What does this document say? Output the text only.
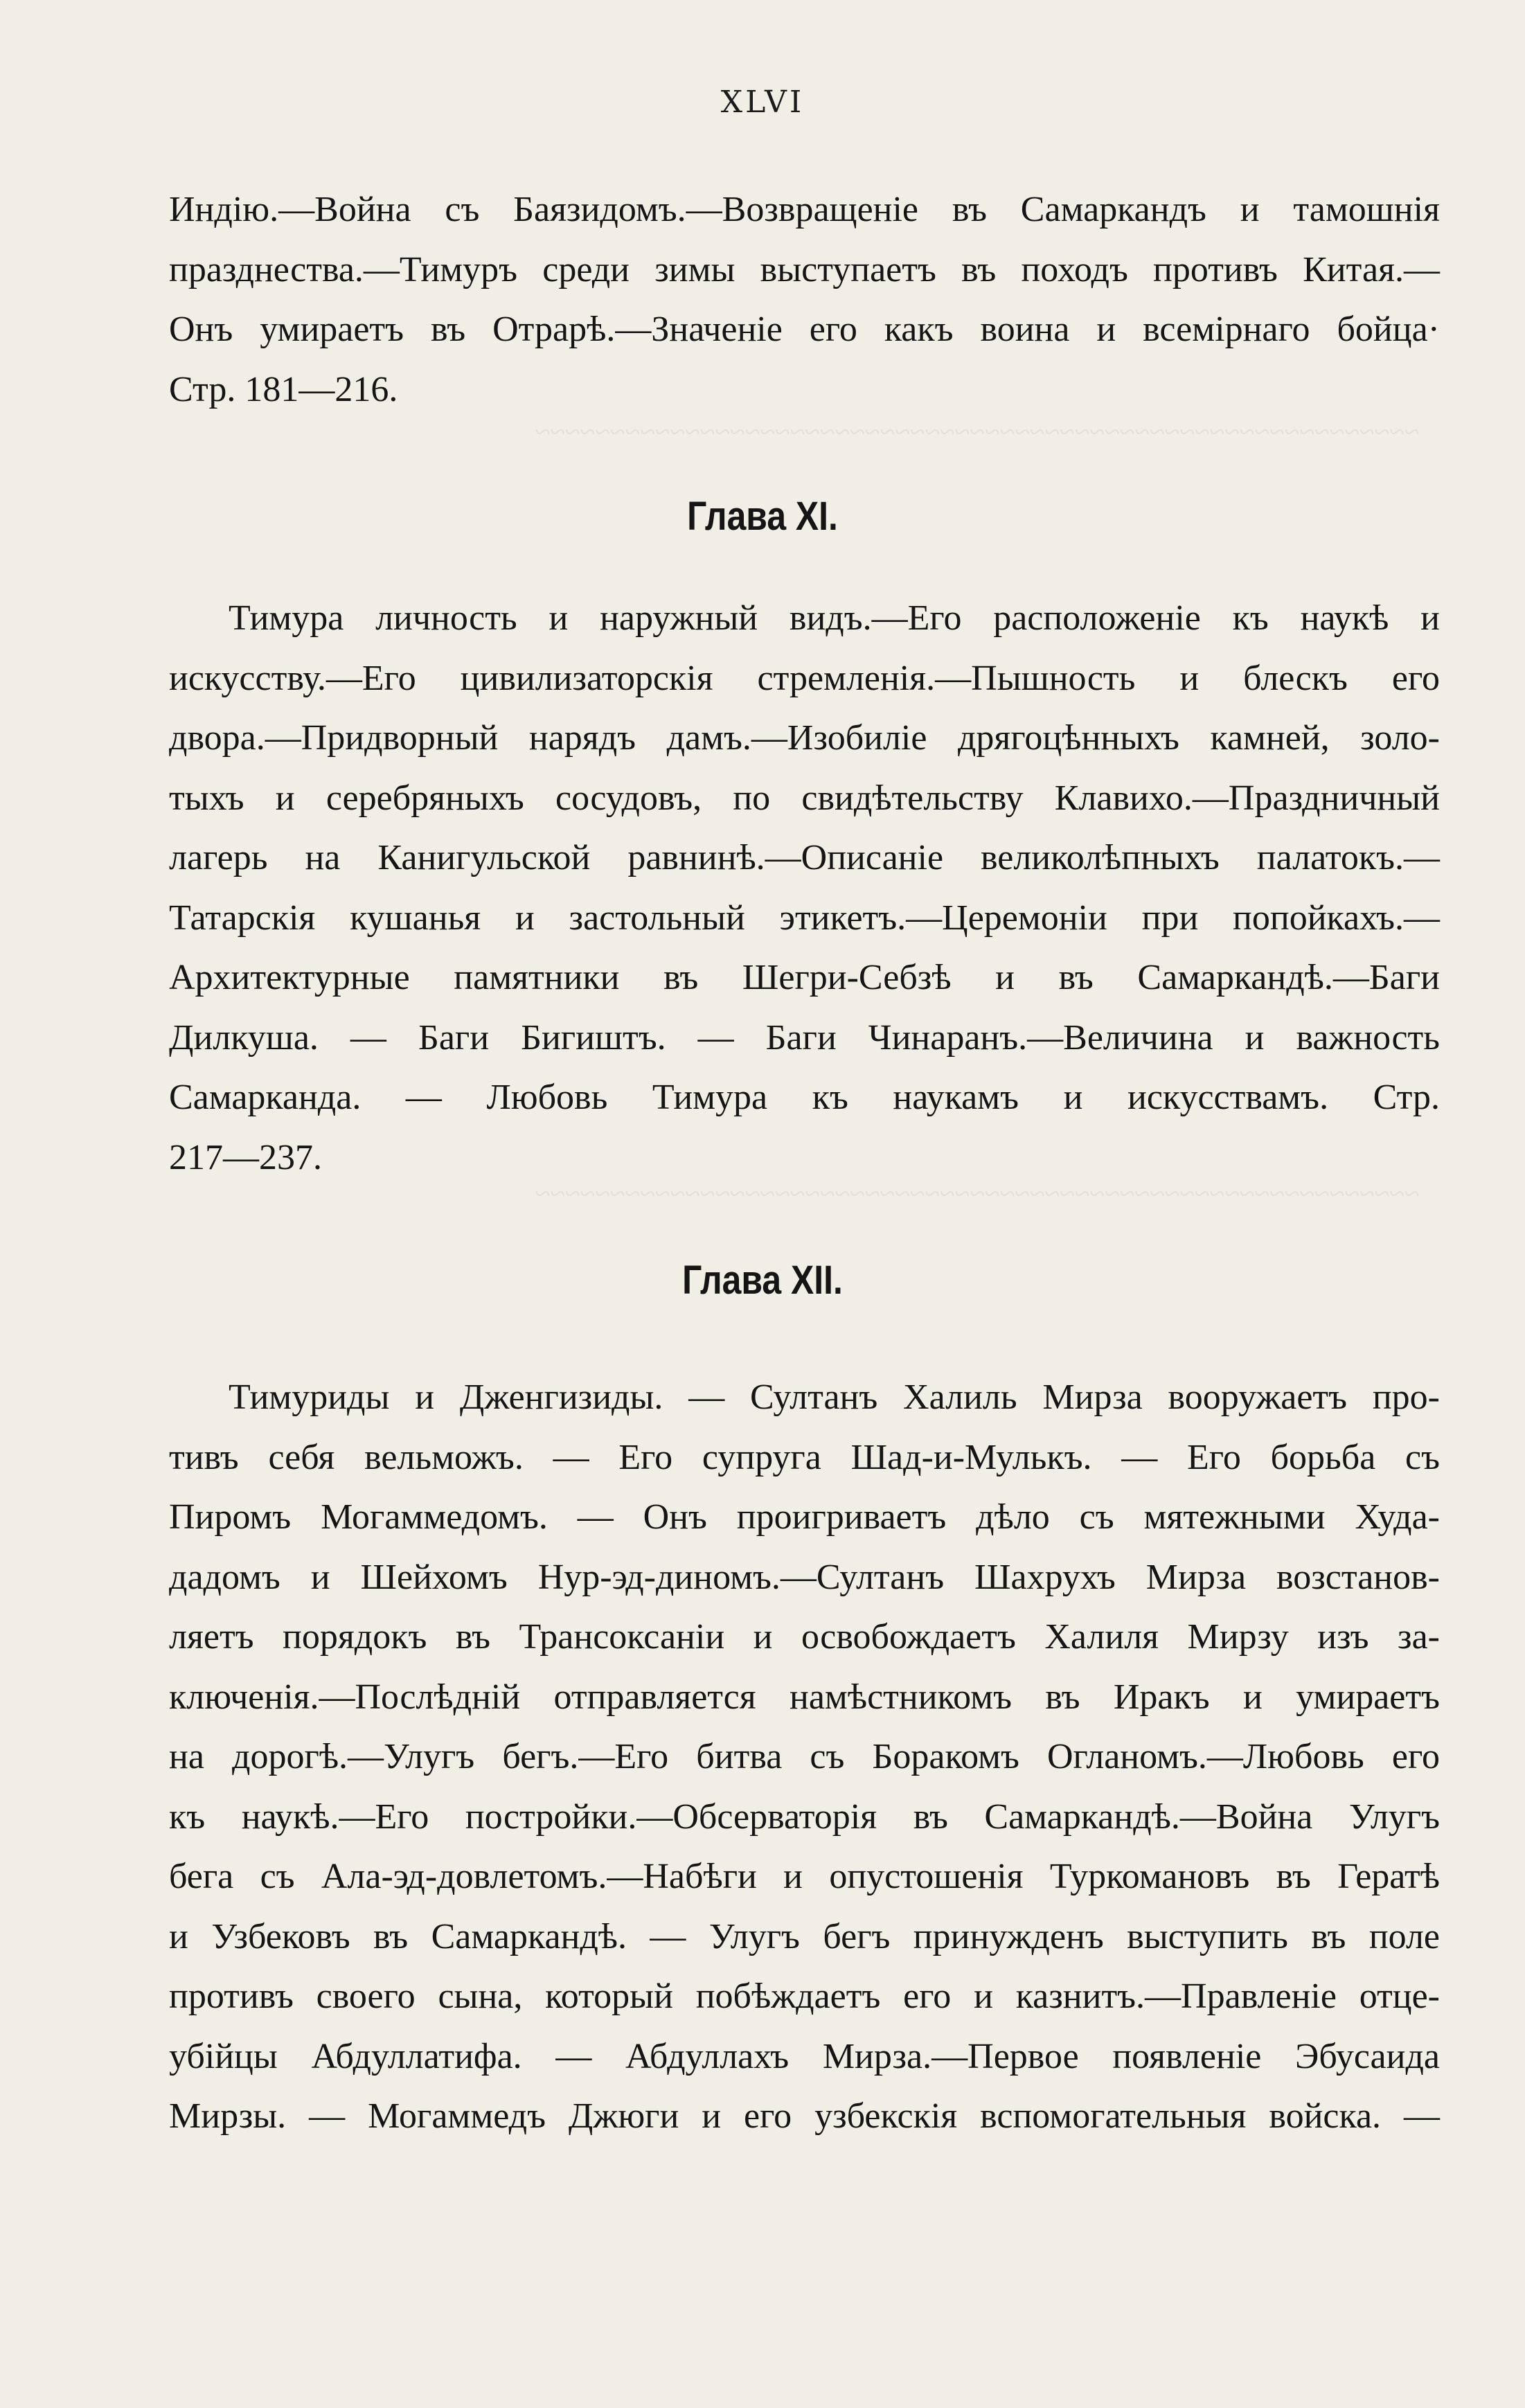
~~~~~~~~~~~~~~~~~~~~~~~~~~~~~~~~~~~~~~~~~~~~~~~~~~~~~~~~~~~
~~~~~~~~~~~~~~~~~~~~~~~~~~~~~~~~~~~~~~~~~~~~~~~~~~~~~~~~~~~
XLVI
Индію.—Война съ Баязидомъ.—Возвращеніе въ Самаркандъ и тамошнія
празднества.—Тимуръ среди зимы выступаетъ въ походъ противъ Китая.—
Онъ умираетъ въ Отрарѣ.—Значеніе его какъ воина и всемірнаго бойца·
Стр. 181—216.
Глава XI.
Тимура личность и наружный видъ.—Его расположеніе къ наукѣ и
искусству.—Его цивилизаторскія стремленія.—Пышность и блескъ его
двора.—Придворный нарядъ дамъ.—Изобиліе дрягоцѣнныхъ камней, золо-
тыхъ и серебряныхъ сосудовъ, по свидѣтельству Клавихо.—Праздничный
лагерь на Канигульской равнинѣ.—Описаніе великолѣпныхъ палатокъ.—
Татарскія кушанья и застольный этикетъ.—Церемоніи при попойкахъ.—
Архитектурные памятники въ Шегри-Себзѣ и въ Самаркандѣ.—Баги
Дилкуша. — Баги Бигиштъ. — Баги Чинаранъ.—Величина и важность
Самарканда. — Любовь Тимура къ наукамъ и искусствамъ. Стр.
217—237.
Глава XII.
Тимуриды и Дженгизиды. — Султанъ Халиль Мирза вооружаетъ про-
тивъ себя вельможъ. — Его супруга Шад-и-Мулькъ. — Его борьба съ
Пиромъ Могаммедомъ. — Онъ проигриваетъ дѣло съ мятежными Худа-
дадомъ и Шейхомъ Нур-эд-диномъ.—Султанъ Шахрухъ Мирза возстанов-
ляетъ порядокъ въ Трансоксаніи и освобождаетъ Халиля Мирзу изъ за-
ключенія.—Послѣдній отправляется намѣстникомъ въ Иракъ и умираетъ
на дорогѣ.—Улугъ бегъ.—Его битва съ Боракомъ Огланомъ.—Любовь его
къ наукѣ.—Его постройки.—Обсерваторія въ Самаркандѣ.—Война Улугъ
бега съ Ала-эд-довлетомъ.—Набѣги и опустошенія Туркомановъ въ Гератѣ
и Узбековъ въ Самаркандѣ. — Улугъ бегъ принужденъ выступить въ поле
противъ своего сына, который побѣждаетъ его и казнитъ.—Правленіе отце-
убійцы Абдуллатифа. — Абдуллахъ Мирза.—Первое появленіе Эбусаида
Мирзы. — Могаммедъ Джюги и его узбекскія вспомогательныя войска. —
